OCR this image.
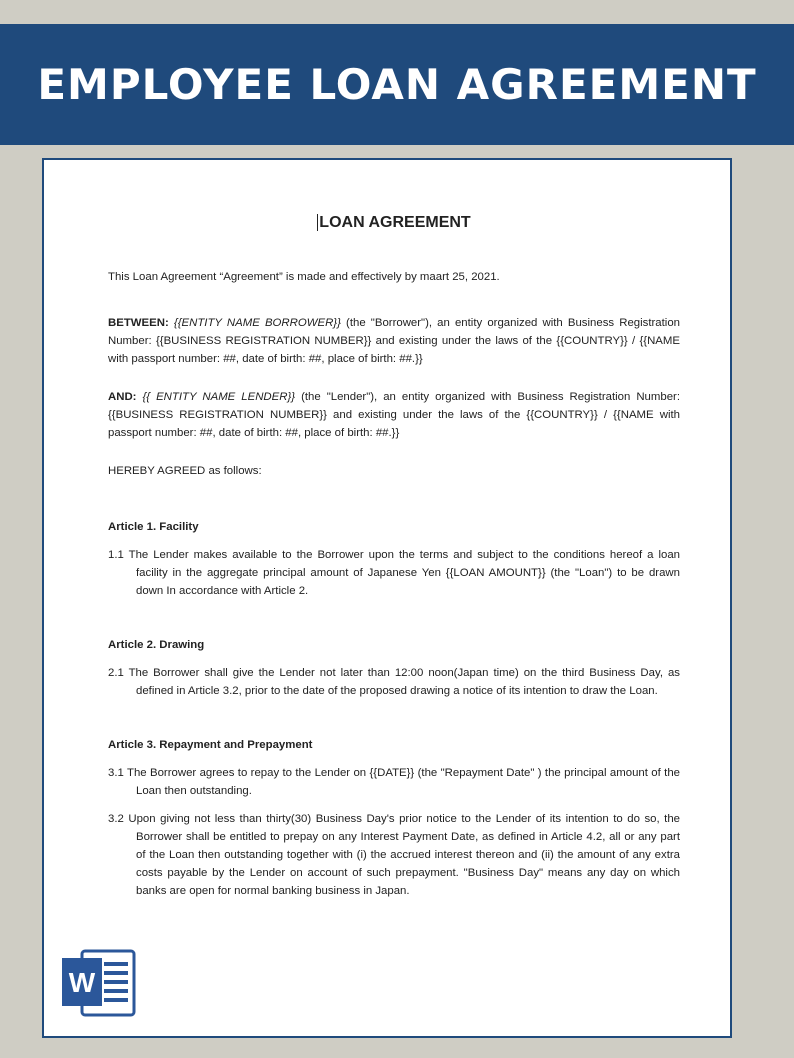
EMPLOYEE LOAN AGREEMENT
LOAN AGREEMENT

This Loan Agreement “Agreement” is made and effectively by maart 25, 2021.

BETWEEN: {{ENTITY NAME BORROWER}} (the "Borrower"), an entity organized with Business Registration Number: {{BUSINESS REGISTRATION NUMBER}} and existing under the laws of the {{COUNTRY}} / {{NAME with passport number: ##, date of birth: ##, place of birth: ##.}}

AND: {{ ENTITY NAME LENDER}} (the "Lender"), an entity organized with Business Registration Number: {{BUSINESS REGISTRATION NUMBER}} and existing under the laws of the {{COUNTRY}} / {{NAME with passport number: ##, date of birth: ##, place of birth: ##.}}

HEREBY AGREED as follows:

Article 1. Facility

1.1 The Lender makes available to the Borrower upon the terms and subject to the conditions hereof a loan facility in the aggregate principal amount of Japanese Yen {{LOAN AMOUNT}} (the "Loan") to be drawn down In accordance with Article 2.

Article 2. Drawing

2.1 The Borrower shall give the Lender not later than 12:00 noon(Japan time) on the third Business Day, as defined in Article 3.2, prior to the date of the proposed drawing a notice of its intention to draw the Loan.

Article 3. Repayment and Prepayment

3.1 The Borrower agrees to repay to the Lender on {{DATE}} (the "Repayment Date" ) the principal amount of the Loan then outstanding.

3.2 Upon giving not less than thirty(30) Business Day's prior notice to the Lender of its intention to do so, the Borrower shall be entitled to prepay on any Interest Payment Date, as defined in Article 4.2, all or any part of the Loan then outstanding together with (i) the accrued interest thereon and (ii) the amount of any extra costs payable by the Lender on account of such prepayment. "Business Day" means any day on which banks are open for normal banking business in Japan.

W
